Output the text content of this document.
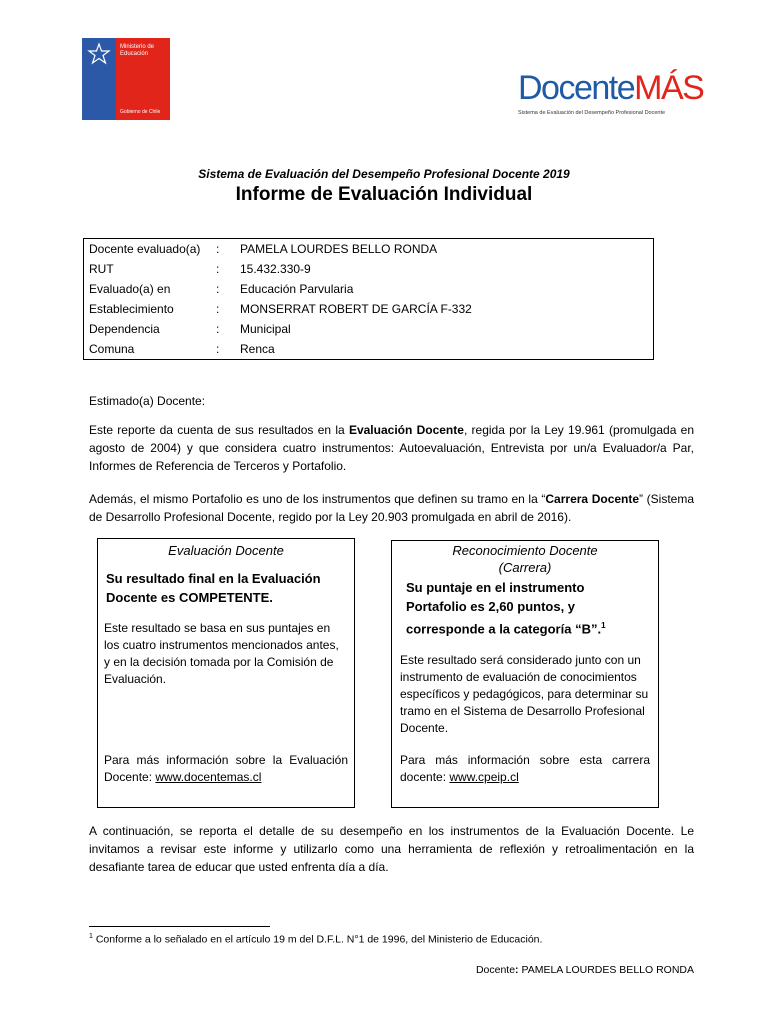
Ministerio de
Educación
Gobierno de Chile
DocenteMÁS
Sistema de Evaluación del Desempeño Profesional Docente
Sistema de Evaluación del Desempeño Profesional Docente 2019
Informe de Evaluación Individual
Docente evaluado(a)	: PAMELA LOURDES BELLO RONDA
RUT	: 15.432.330-9
Evaluado(a) en	: Educación Parvularia
Establecimiento	: MONSERRAT ROBERT DE GARCÍA F-332
Dependencia	: Municipal
Comuna	: Renca
Estimado(a) Docente:
Este reporte da cuenta de sus resultados en la Evaluación Docente, regida por la Ley 19.961 (promulgada en agosto de 2004) y que considera cuatro instrumentos: Autoevaluación, Entrevista por un/a Evaluador/a Par, Informes de Referencia de Terceros y Portafolio.
Además, el mismo Portafolio es uno de los instrumentos que definen su tramo en la “Carrera Docente” (Sistema de Desarrollo Profesional Docente, regido por la Ley 20.903 promulgada en abril de 2016).
Evaluación Docente
Su resultado final en la Evaluación Docente es COMPETENTE.
Este resultado se basa en sus puntajes en los cuatro instrumentos mencionados antes, y en la decisión tomada por la Comisión de Evaluación.
Para más información sobre la Evaluación Docente: www.docentemas.cl
Reconocimiento Docente
(Carrera)
Su puntaje en el instrumento Portafolio es 2,60 puntos, y corresponde a la categoría “B”.$^1$
Este resultado será considerado junto con un instrumento de evaluación de conocimientos específicos y pedagógicos, para determinar su tramo en el Sistema de Desarrollo Profesional Docente.
Para más información sobre esta carrera docente: www.cpeip.cl
A continuación, se reporta el detalle de su desempeño en los instrumentos de la Evaluación Docente. Le invitamos a revisar este informe y utilizarlo como una herramienta de reflexión y retroalimentación en la desafiante tarea de educar que usted enfrenta día a día.
$^1$ Conforme a lo señalado en el artículo 19 m del D.F.L. N°1 de 1996, del Ministerio de Educación.
Docente: PAMELA LOURDES BELLO RONDA
